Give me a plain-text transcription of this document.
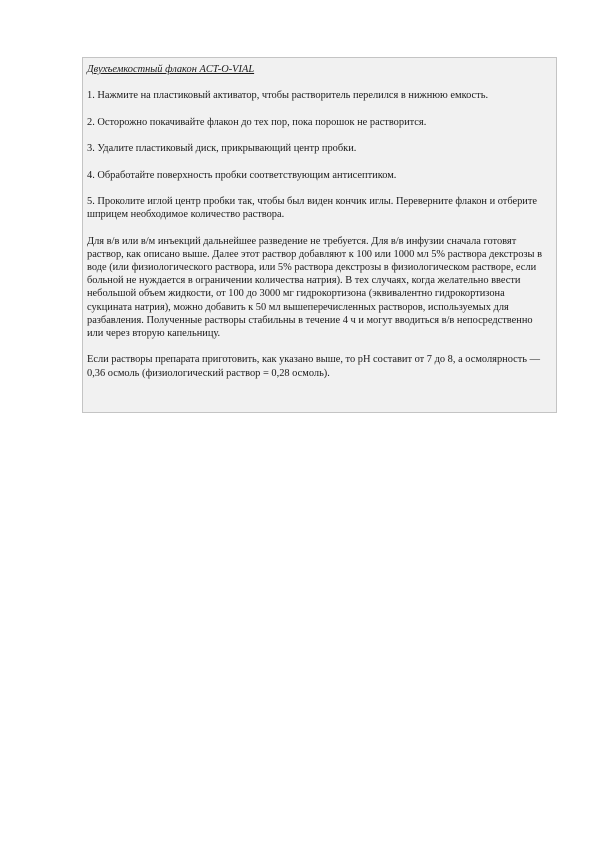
Двухъемкостный флакон ACT-O-VIAL

1. Нажмите на пластиковый активатор, чтобы растворитель перелился в нижнюю емкость.

2. Осторожно покачивайте флакон до тех пор, пока порошок не растворится.

3. Удалите пластиковый диск, прикрывающий центр пробки.

4. Обработайте поверхность пробки соответствующим антисептиком.

5. Проколите иглой центр пробки так, чтобы был виден кончик иглы. Переверните флакон и отберите шприцем необходимое количество раствора.

Для в/в или в/м инъекций дальнейшее разведение не требуется. Для в/в инфузии сначала готовят раствор, как описано выше. Далее этот раствор добавляют к 100 или 1000 мл 5% раствора декстрозы в воде (или физиологического раствора, или 5% раствора декстрозы в физиологическом растворе, если больной не нуждается в ограничении количества натрия). В тех случаях, когда желательно ввести небольшой объем жидкости, от 100 до 3000 мг гидрокортизона (эквивалентно гидрокортизона сукцината натрия), можно добавить к 50 мл вышеперечисленных растворов, используемых для разбавления. Полученные растворы стабильны в течение 4 ч и могут вводиться в/в непосредственно или через вторую капельницу.

Если растворы препарата приготовить, как указано выше, то pH составит от 7 до 8, а осмолярность — 0,36 осмоль (физиологический раствор = 0,28 осмоль).
